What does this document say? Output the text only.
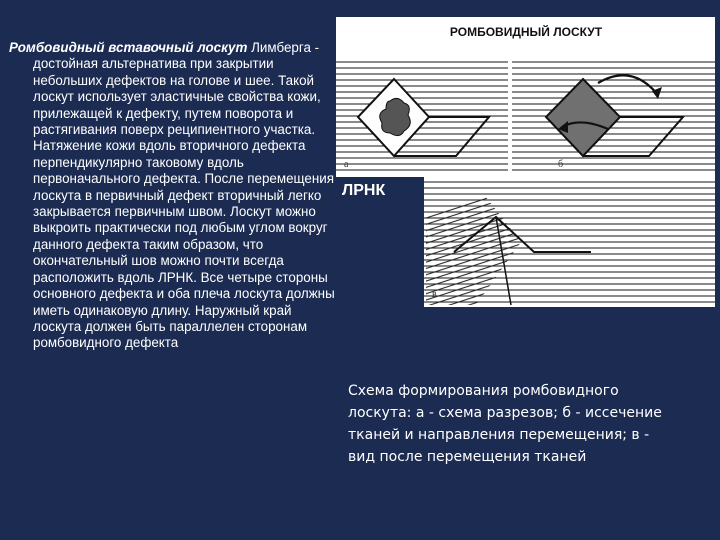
Ромбовидный вставочный лоскут Лимберга - достойная альтернатива при закрытии небольших дефектов на голове и шее. Такой лоскут использует эластичные свойства кожи, прилежащей к дефекту, путем поворота и растягивания поверх реципиентного участка. Натяжение кожи вдоль вторичного дефекта перпендикулярно таковому вдоль первоначального дефекта. После перемещения лоскута в первичный дефект вторичный легко закрывается первичным швом. Лоскут можно выкроить практически под любым углом вокруг данного дефекта таким образом, что окончательный шов можно почти всегда расположить вдоль ЛРНК. Все четыре стороны основного дефекта и оба плеча лоскута должны иметь одинаковую длину. Наружный край лоскута должен быть параллелен сторонам ромбовидного дефекта

РОМБОВИДНЫЙ ЛОСКУТ
а	б
в
ЛРНК
Схема формирования ромбовидного лоскута: а - схема разрезов; б - иссечение тканей и направления перемещения; в - вид после перемещения тканей
